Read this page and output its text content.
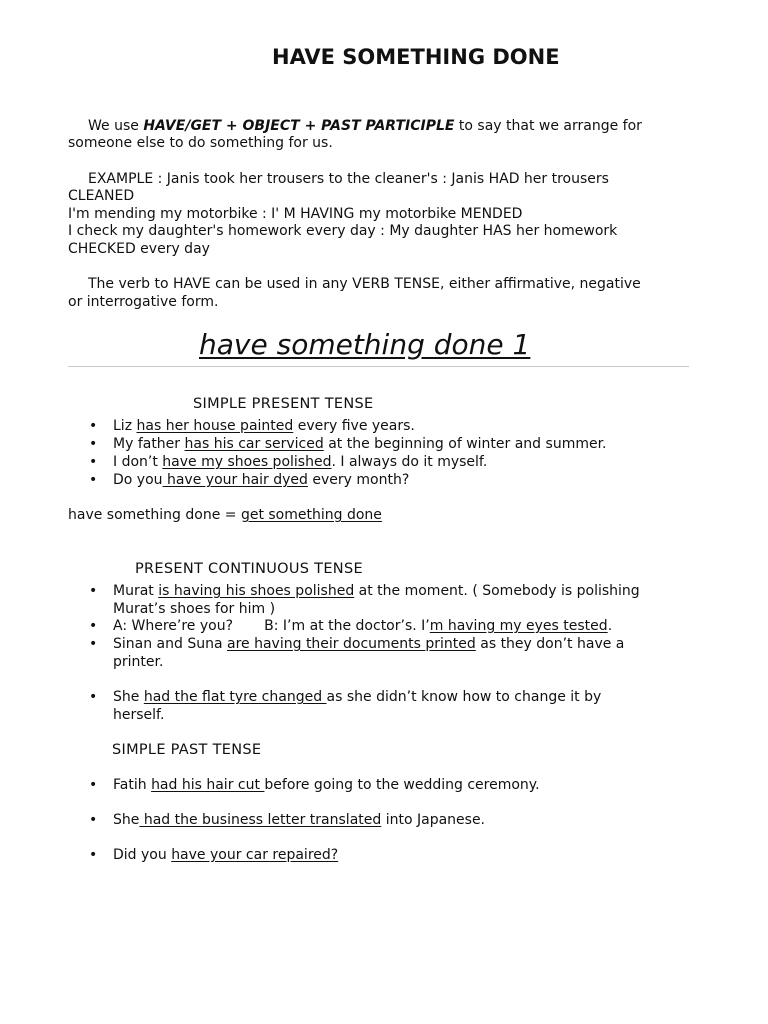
HAVE SOMETHING DONE
We use HAVE/GET + OBJECT + PAST PARTICIPLE to say that we arrange for
someone else to do something for us.
EXAMPLE : Janis took her trousers to the cleaner's : Janis HAD her trousers
CLEANED
I'm mending my motorbike : I' M HAVING my motorbike MENDED
I check my daughter's homework every day : My daughter HAS her homework
CHECKED every day
The verb to HAVE can be used in any VERB TENSE, either affirmative, negative
or interrogative form.
have something done 1
SIMPLE PRESENT TENSE
• Liz has her house painted every five years.
• My father has his car serviced at the beginning of winter and summer.
• I don’t have my shoes polished. I always do it myself.
• Do you have your hair dyed every month?
have something done = get something done
PRESENT CONTINUOUS TENSE
• Murat is having his shoes polished at the moment. ( Somebody is polishing
Murat’s shoes for him )
• A: Where’re you?       B: I’m at the doctor’s. I’m having my eyes tested.
• Sinan and Suna are having their documents printed as they don’t have a
printer.
• She had the flat tyre changed as she didn’t know how to change it by
herself.
SIMPLE PAST TENSE
• Fatih had his hair cut before going to the wedding ceremony.
• She had the business letter translated into Japanese.
• Did you have your car repaired?
